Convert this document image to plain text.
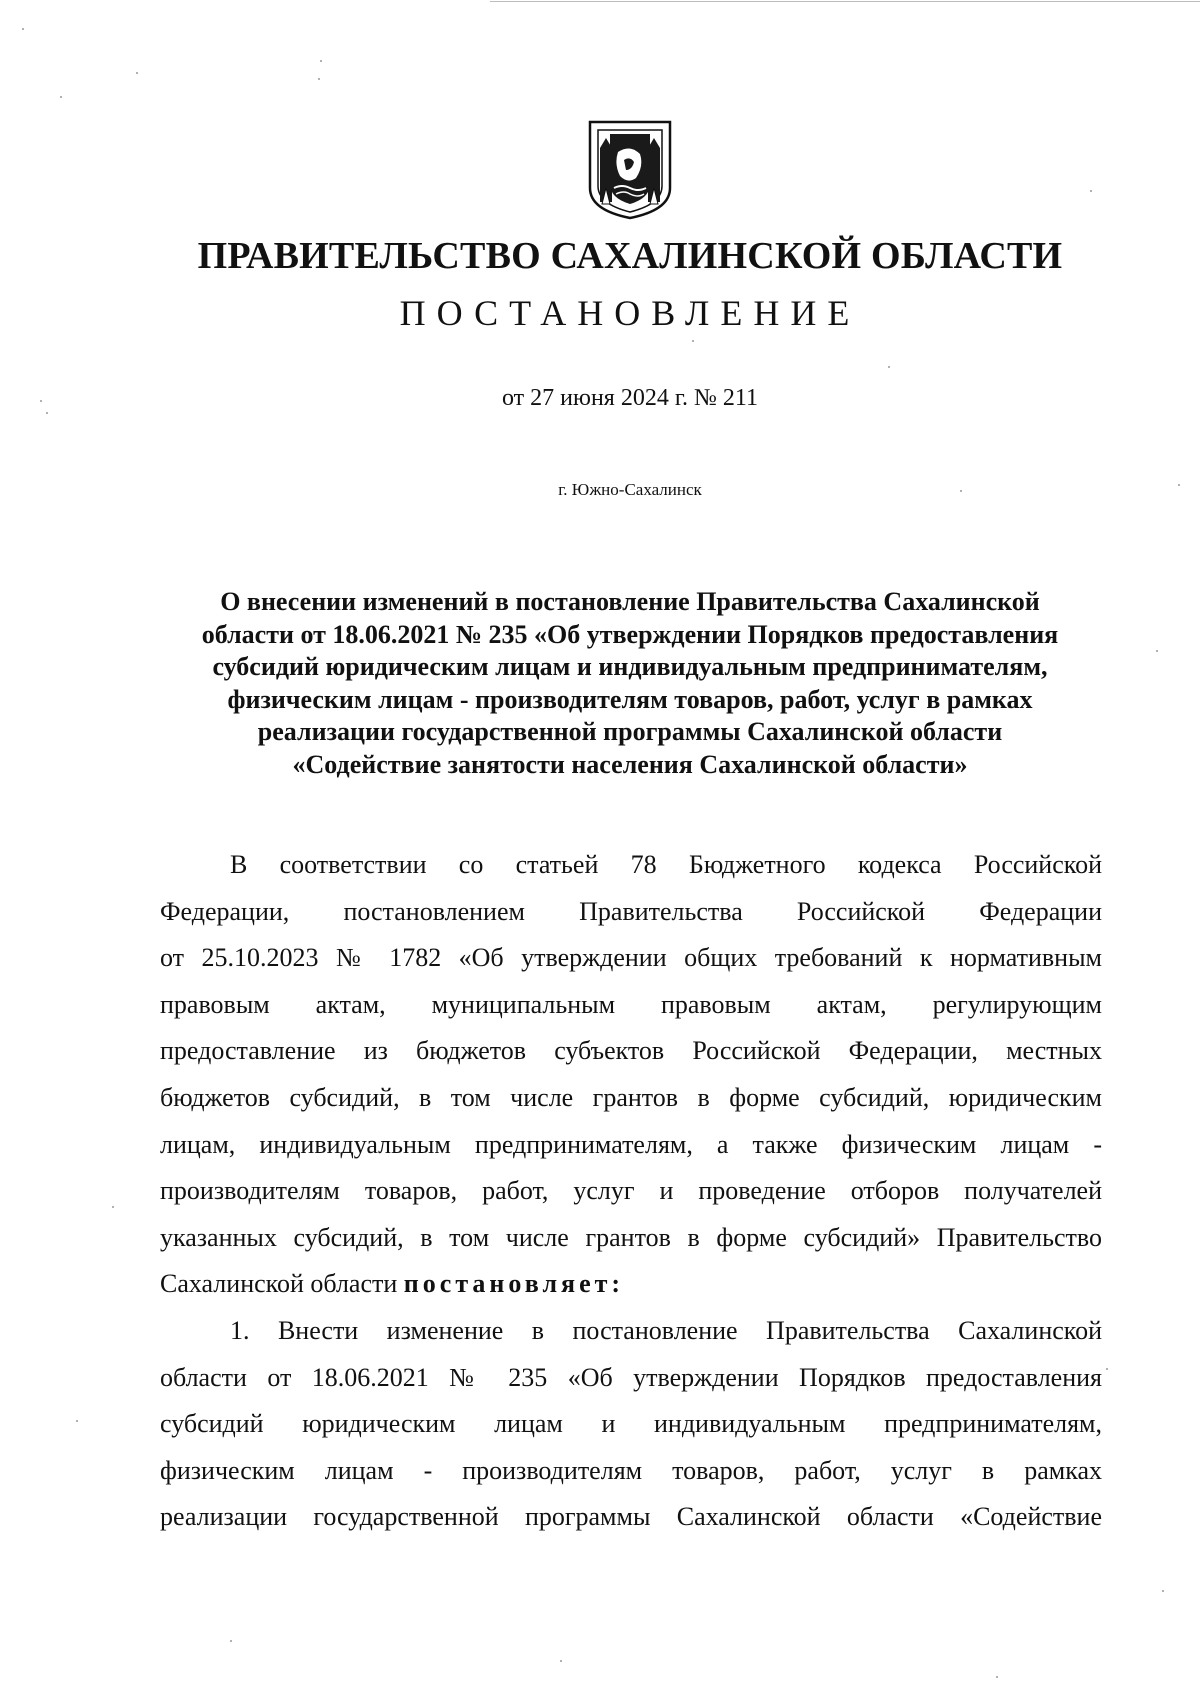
ПРАВИТЕЛЬСТВО САХАЛИНСКОЙ ОБЛАСТИ
ПОСТАНОВЛЕНИЕ
от 27 июня 2024 г. № 211
г. Южно-Сахалинск
О внесении изменений в постановление Правительства Сахалинской
области от 18.06.2021 № 235 «Об утверждении Порядков предоставления
субсидий юридическим лицам и индивидуальным предпринимателям,
физическим лицам - производителям товаров, работ, услуг в рамках
реализации государственной программы Сахалинской области
«Содействие занятости населения Сахалинской области»
В соответствии со статьей 78 Бюджетного кодекса Российской
Федерации, постановлением Правительства Российской Федерации
от 25.10.2023 № 1782 «Об утверждении общих требований к нормативным
правовым актам, муниципальным правовым актам, регулирующим
предоставление из бюджетов субъектов Российской Федерации, местных
бюджетов субсидий, в том числе грантов в форме субсидий, юридическим
лицам, индивидуальным предпринимателям, а также физическим лицам -
производителям товаров, работ, услуг и проведение отборов получателей
указанных субсидий, в том числе грантов в форме субсидий» Правительство
Сахалинской области постановляет:
1. Внести изменение в постановление Правительства Сахалинской
области от 18.06.2021 № 235 «Об утверждении Порядков предоставления
субсидий юридическим лицам и индивидуальным предпринимателям,
физическим лицам - производителям товаров, работ, услуг в рамках
реализации государственной программы Сахалинской области «Содействие
